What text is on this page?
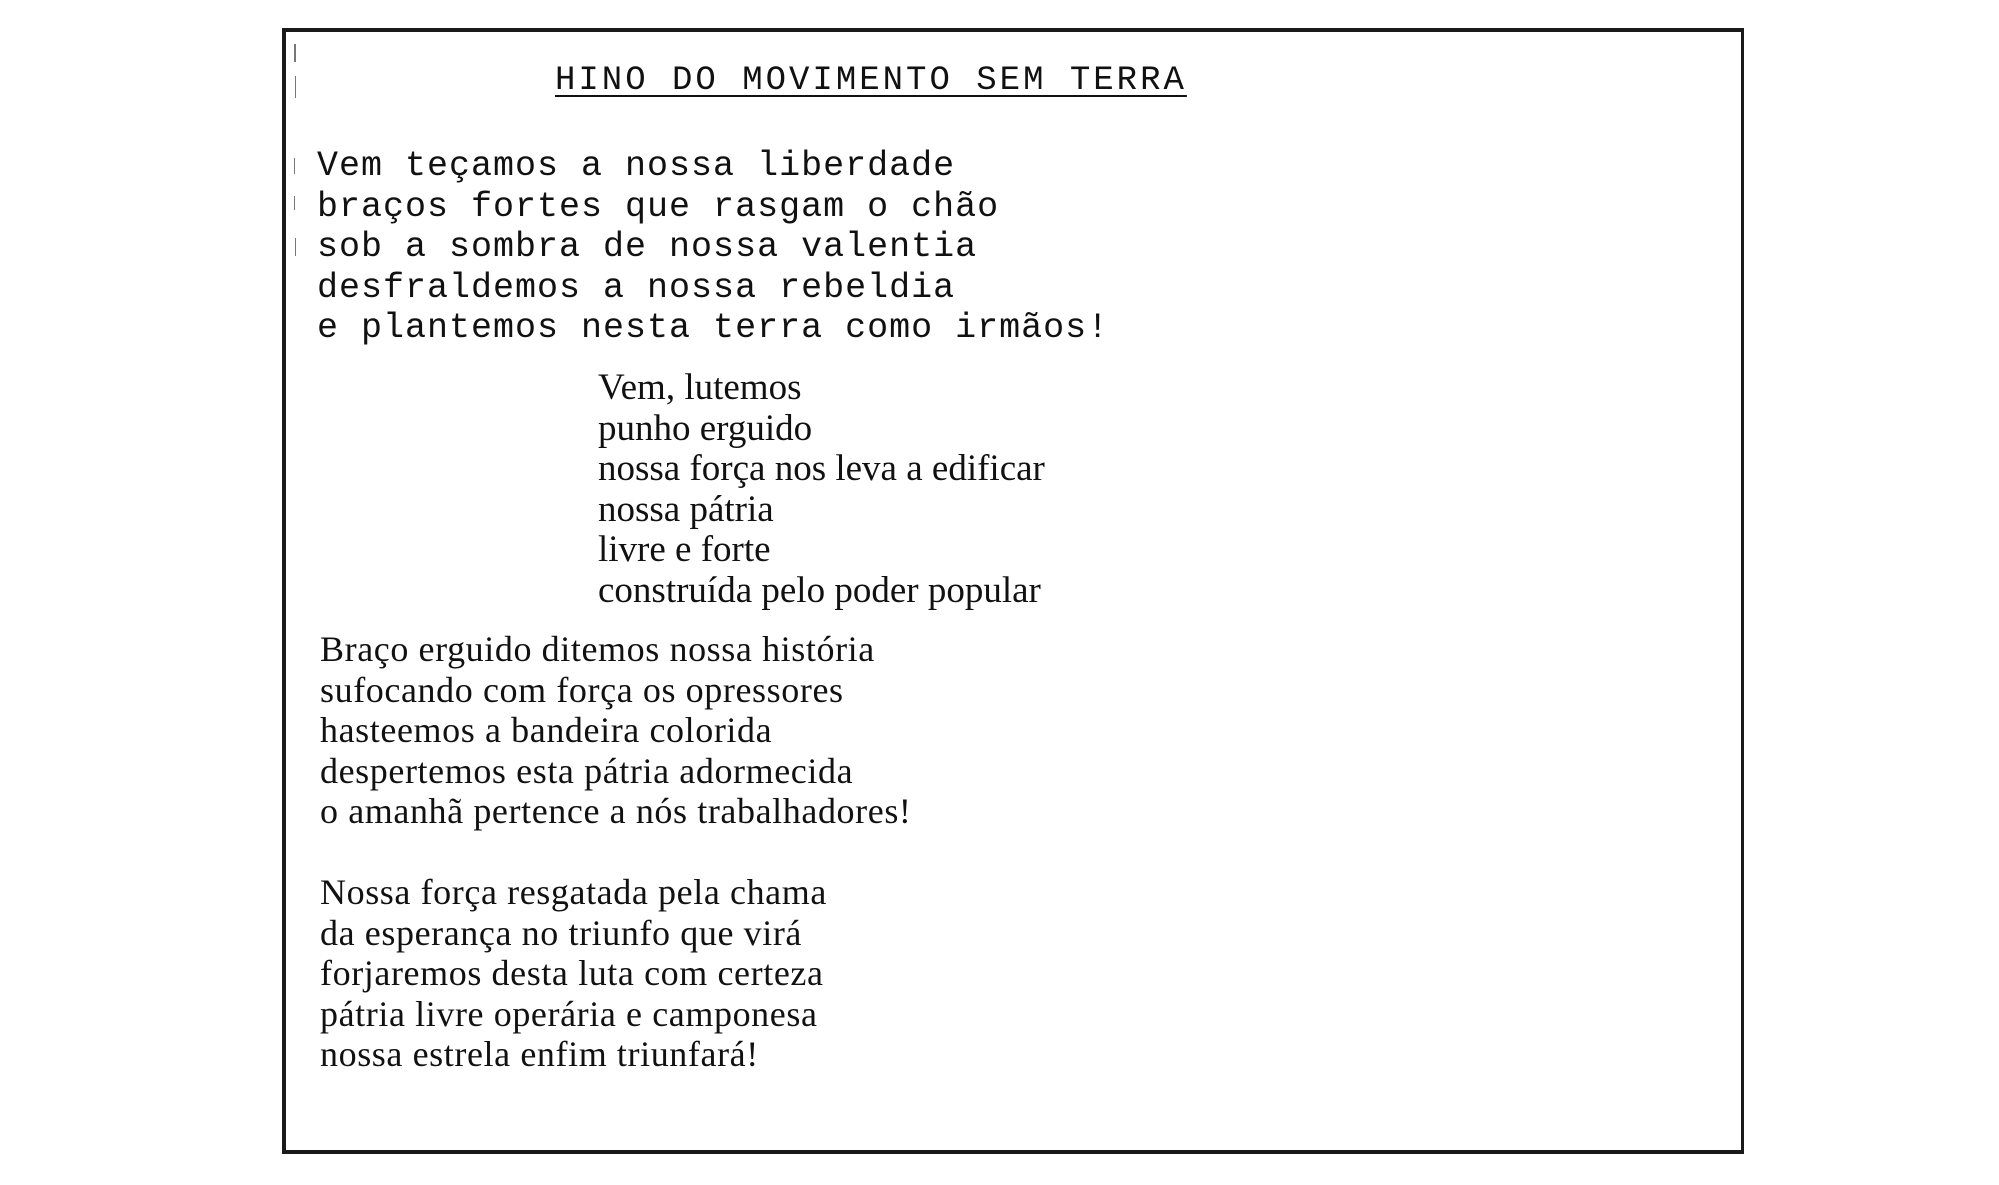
HINO DO MOVIMENTO SEM TERRA
Vem teçamos a nossa liberdade
braços fortes que rasgam o chão
sob a sombra de nossa valentia
desfraldemos a nossa rebeldia
e plantemos nesta terra como irmãos!
Vem, lutemos
punho erguido
nossa força nos leva a edificar
nossa pátria
livre e forte
construída pelo poder popular
Braço erguido ditemos nossa história
sufocando com força os opressores
hasteemos a bandeira colorida
despertemos esta pátria adormecida
o amanhã pertence a nós trabalhadores!
Nossa força resgatada pela chama
da esperança no triunfo que virá
forjaremos desta luta com certeza
pátria livre operária e camponesa
nossa estrela enfim triunfará!
